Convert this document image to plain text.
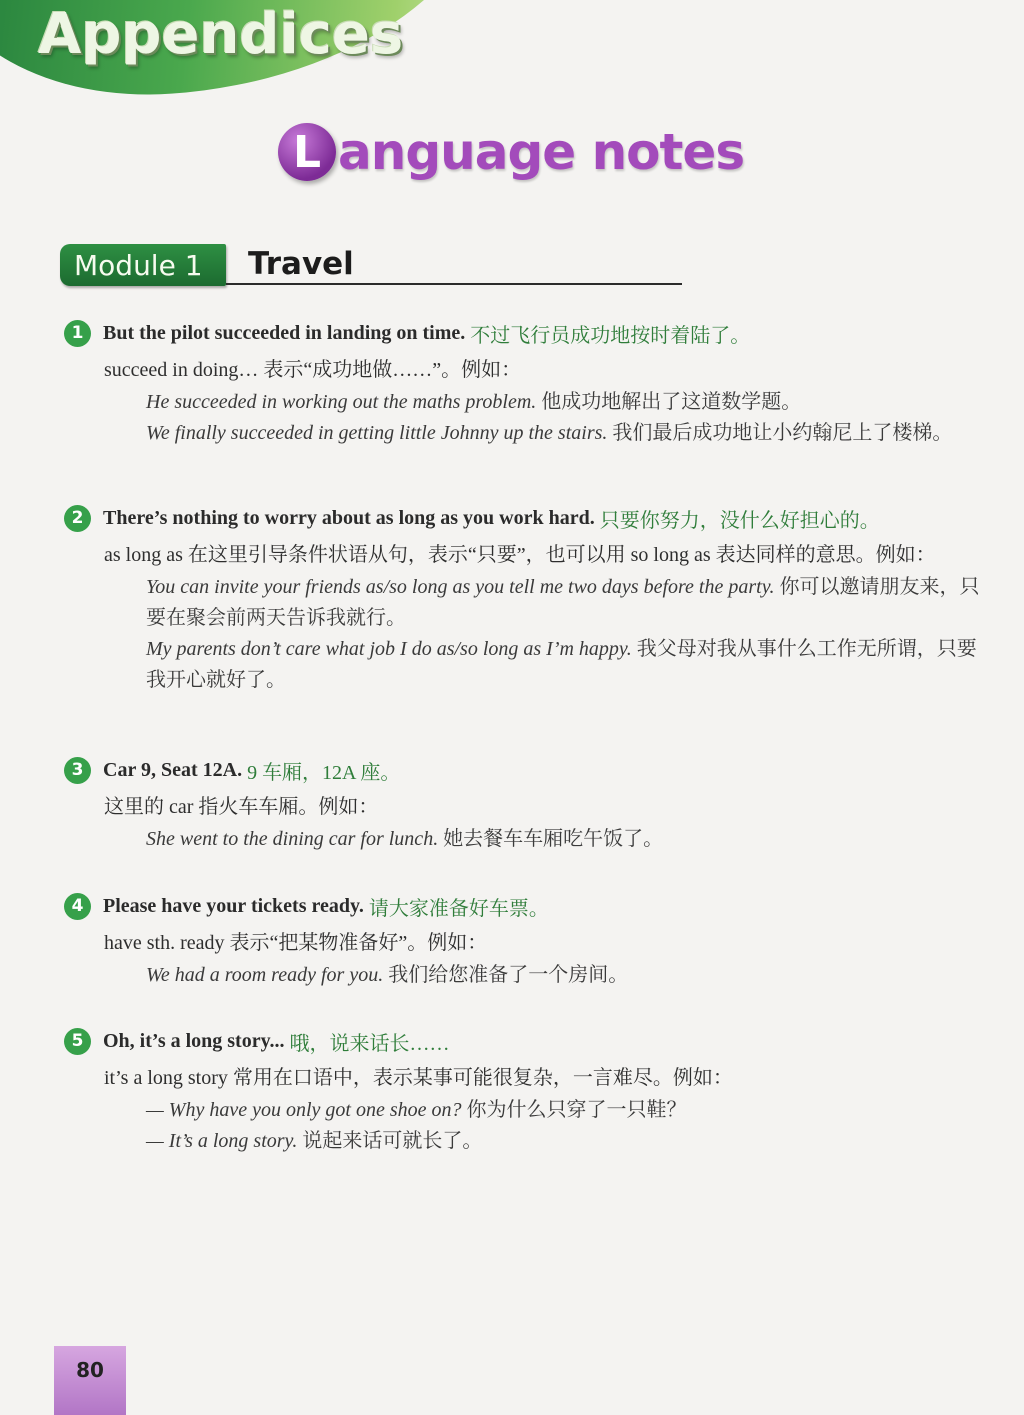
Appendices
L anguage notes
Module 1	Travel
1 But the pilot succeeded in landing on time.
不过飞行员成功地按时着陆了。
succeed in doing… 表示“成功地做……”。例如：
He succeeded in working out the maths problem. 他成功地解出了这道数学题。
We finally succeeded in getting little Johnny up the stairs. 我们最后成功地让小约翰尼上了楼梯。
2 There’s nothing to worry about as long as you work hard.
只要你努力，没什么好担心的。
as long as 在这里引导条件状语从句，表示“只要”，也可以用 so long as 表达同样的意思。例如：
You can invite your friends as/so long as you tell me two days before the party. 你可以邀请朋友来，只要在聚会前两天告诉我就行。
My parents don’t care what job I do as/so long as I’m happy. 我父母对我从事什么工作无所谓，只要我开心就好了。
3 Car 9, Seat 12A.
9 车厢，12A 座。
这里的 car 指火车车厢。例如：
She went to the dining car for lunch. 她去餐车车厢吃午饭了。
4 Please have your tickets ready.
请大家准备好车票。
have sth. ready 表示“把某物准备好”。例如：
We had a room ready for you. 我们给您准备了一个房间。
5 Oh, it’s a long story...
哦，说来话长……
it’s a long story 常用在口语中，表示某事可能很复杂，一言难尽。例如：
— Why have you only got one shoe on? 你为什么只穿了一只鞋？
— It’s a long story. 说起来话可就长了。
80
